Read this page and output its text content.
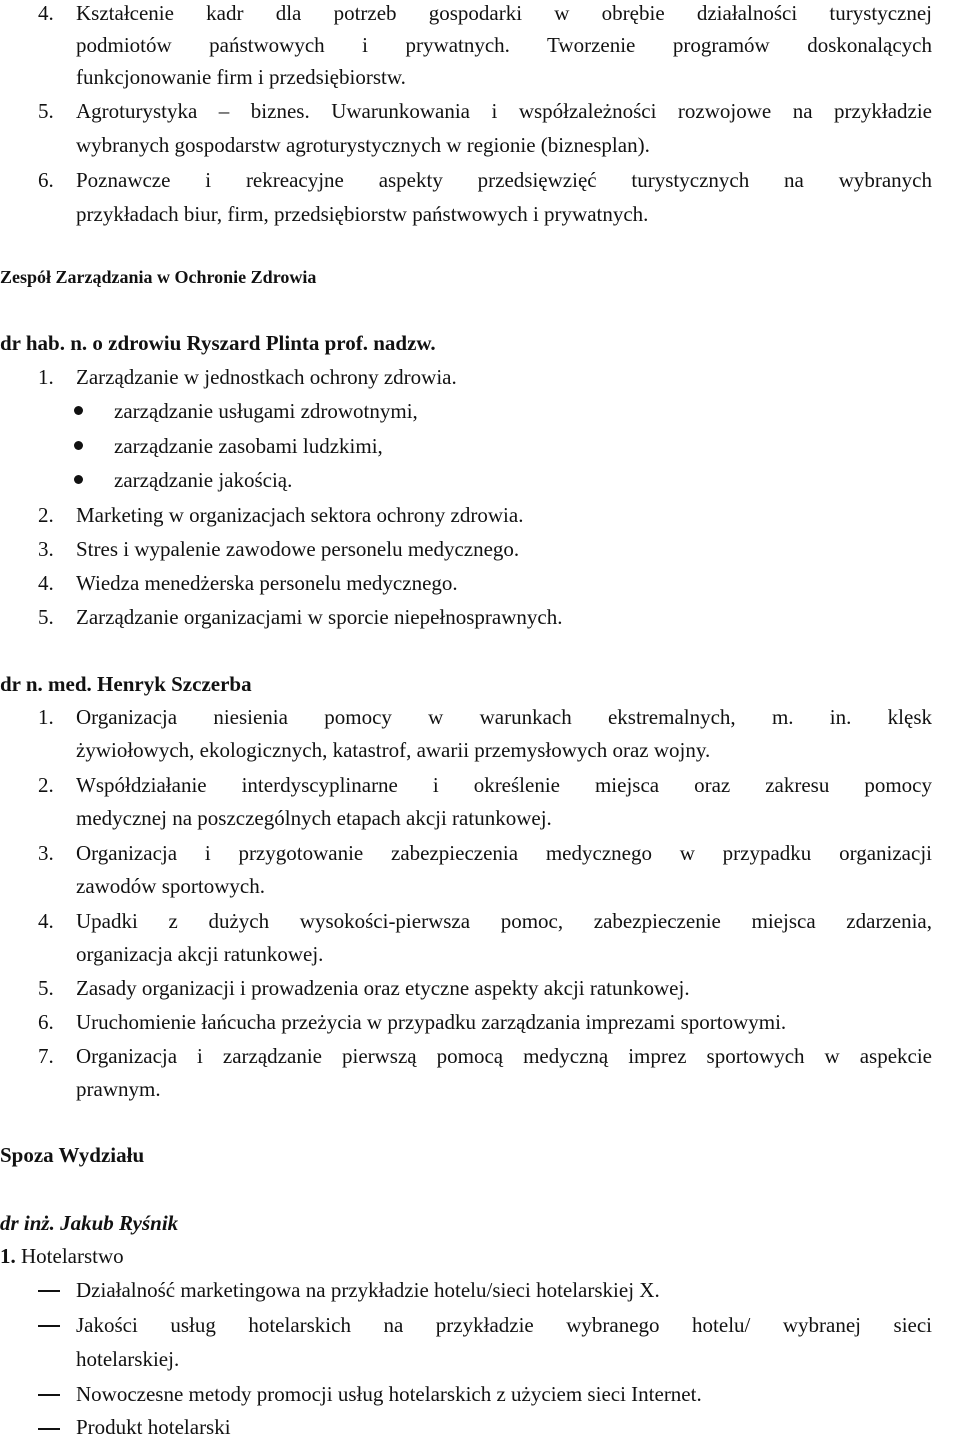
4. Kształcenie kadr dla potrzeb gospodarki w obrębie działalności turystycznej
podmiotów państwowych i prywatnych. Tworzenie programów doskonalących
funkcjonowanie firm i przedsiębiorstw.
5. Agroturystyka – biznes. Uwarunkowania i współzależności rozwojowe na przykładzie
wybranych gospodarstw agroturystycznych w regionie (biznesplan).
6. Poznawcze i rekreacyjne aspekty przedsięwzięć turystycznych na wybranych
przykładach biur, firm, przedsiębiorstw państwowych i prywatnych.
Zespół Zarządzania w Ochronie Zdrowia
dr hab. n. o zdrowiu Ryszard Plinta prof. nadzw.
1. Zarządzanie w jednostkach ochrony zdrowia.
zarządzanie usługami zdrowotnymi,
zarządzanie zasobami ludzkimi,
zarządzanie jakością.
2. Marketing w organizacjach sektora ochrony zdrowia.
3. Stres i wypalenie zawodowe personelu medycznego.
4. Wiedza menedżerska personelu medycznego.
5. Zarządzanie organizacjami w sporcie niepełnosprawnych.
dr n. med. Henryk Szczerba
1. Organizacja niesienia pomocy w warunkach ekstremalnych, m. in. klęsk
żywiołowych, ekologicznych, katastrof, awarii przemysłowych oraz wojny.
2. Współdziałanie interdyscyplinarne i określenie miejsca oraz zakresu pomocy
medycznej na poszczególnych etapach akcji ratunkowej.
3. Organizacja i przygotowanie zabezpieczenia medycznego w przypadku organizacji
zawodów sportowych.
4. Upadki z dużych wysokości-pierwsza pomoc, zabezpieczenie miejsca zdarzenia,
organizacja akcji ratunkowej.
5. Zasady organizacji i prowadzenia oraz etyczne aspekty akcji ratunkowej.
6. Uruchomienie łańcucha przeżycia w przypadku zarządzania imprezami sportowymi.
7. Organizacja i zarządzanie pierwszą pomocą medyczną imprez sportowych w aspekcie
prawnym.
Spoza Wydziału
dr inż. Jakub Ryśnik
1. Hotelarstwo
Działalność marketingowa na przykładzie hotelu/sieci hotelarskiej X.
Jakości usług hotelarskich na przykładzie wybranego hotelu/ wybranej sieci
hotelarskiej.
Nowoczesne metody promocji usług hotelarskich z użyciem sieci Internet.
Produkt hotelarski
